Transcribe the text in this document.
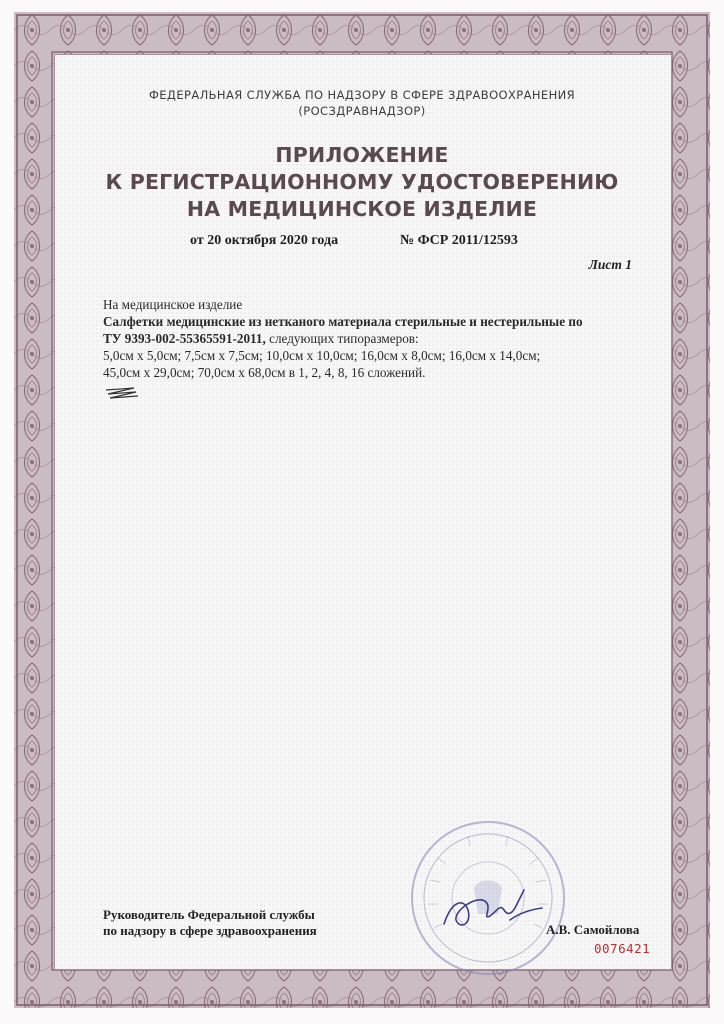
ФЕДЕРАЛЬНАЯ СЛУЖБА ПО НАДЗОРУ В СФЕРЕ ЗДРАВООХРАНЕНИЯ
(РОСЗДРАВНАДЗОР)
ПРИЛОЖЕНИЕ
К РЕГИСТРАЦИОННОМУ УДОСТОВЕРЕНИЮ
НА МЕДИЦИНСКОЕ ИЗДЕЛИЕ
от 20 октября 2020 года	№ ФСР 2011/12593
Лист 1
На медицинское изделие
Салфетки медицинские из нетканого материала стерильные и нестерильные по
ТУ 9393-002-55365591-2011, следующих типоразмеров:
5,0см х 5,0см; 7,5см х 7,5см; 10,0см х 10,0см; 16,0см х 8,0см; 16,0см х 14,0см;
45,0см х 29,0см; 70,0см х 68,0см в 1, 2, 4, 8, 16 сложений.
Руководитель Федеральной службы
по надзору в сфере здравоохранения	А.В. Самойлова
0076421
